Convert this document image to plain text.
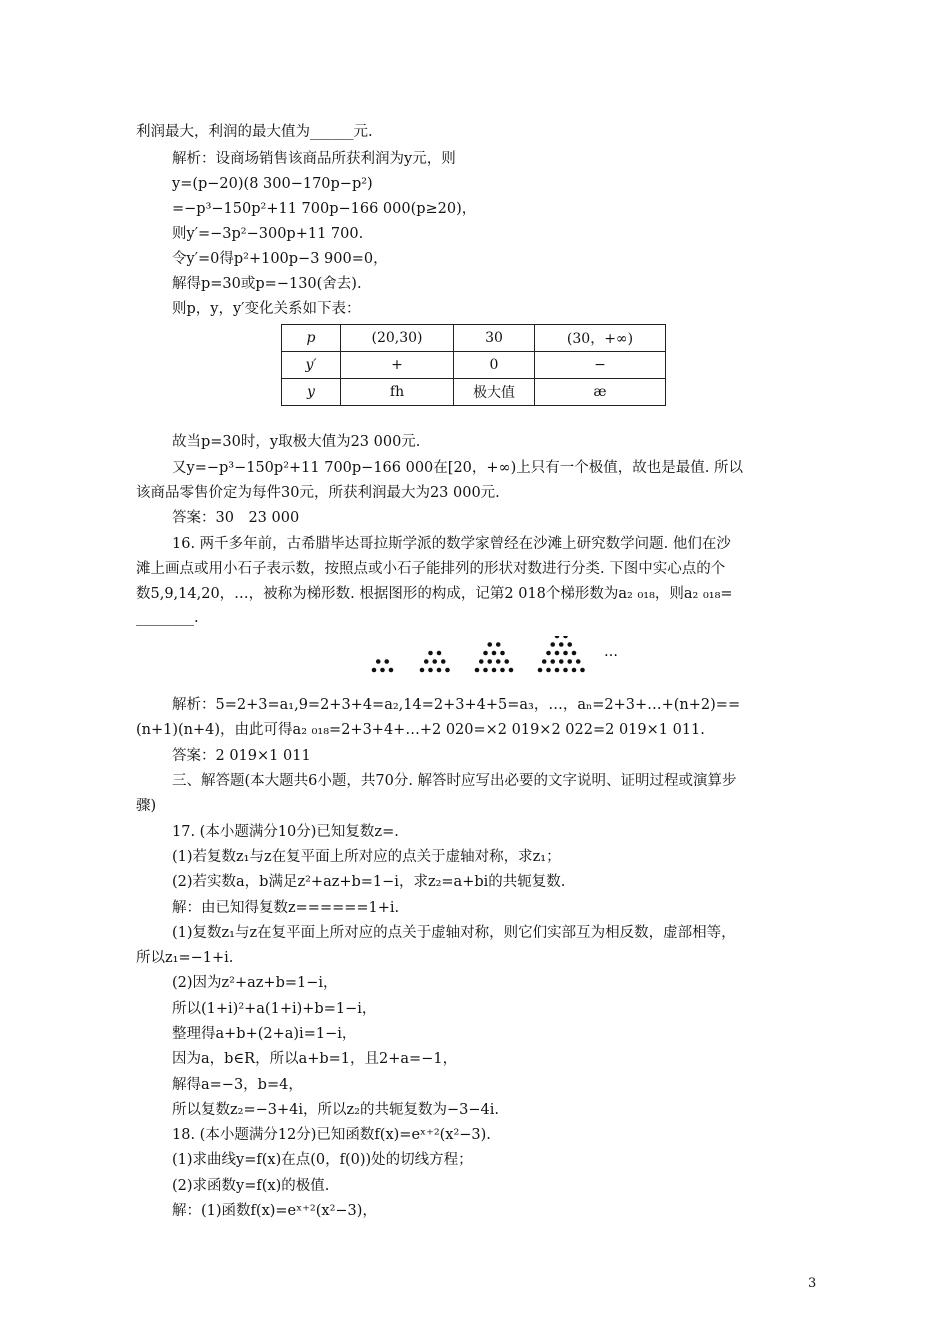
利润最大，利润的最大值为______元.
解析：设商场销售该商品所获利润为y元，则
y=(p−20)(8 300−170p−p²)
=−p³−150p²+11 700p−166 000(p≥20)，
则y′=−3p²−300p+11 700.
令y′=0得p²+100p−3 900=0，
解得p=30或p=−130(舍去).
则p，y，y′变化关系如下表：
p	(20,30)	30	(30，+∞)
y′	+	0	−
y	fh	极大值	æ
故当p=30时，y取极大值为23 000元.
又y=−p³−150p²+11 700p−166 000在[20，+∞)上只有一个极值，故也是最值. 所以
该商品零售价定为每件30元，所获利润最大为23 000元.
答案：30　23 000
16. 两千多年前，古希腊毕达哥拉斯学派的数学家曾经在沙滩上研究数学问题. 他们在沙
滩上画点或用小石子表示数，按照点或小石子能排列的形状对数进行分类. 下图中实心点的个
数5,9,14,20，…，被称为梯形数. 根据图形的构成，记第2 018个梯形数为a₂ ₀₁₈，则a₂ ₀₁₈=
________.
…
解析：5=2+3=a₁,9=2+3+4=a₂,14=2+3+4+5=a₃，…，aₙ=2+3+…+(n+2)==
(n+1)(n+4)，由此可得a₂ ₀₁₈=2+3+4+…+2 020=×2 019×2 022=2 019×1 011.
答案：2 019×1 011
三、解答题(本大题共6小题，共70分. 解答时应写出必要的文字说明、证明过程或演算步
骤)
17. (本小题满分10分)已知复数z=.
(1)若复数z₁与z在复平面上所对应的点关于虚轴对称，求z₁；
(2)若实数a，b满足z²+az+b=1−i，求z₂=a+bi的共轭复数.
解：由已知得复数z======1+i.
(1)复数z₁与z在复平面上所对应的点关于虚轴对称，则它们实部互为相反数，虚部相等，
所以z₁=−1+i.
(2)因为z²+az+b=1−i，
所以(1+i)²+a(1+i)+b=1−i，
整理得a+b+(2+a)i=1−i，
因为a，b∈R，所以a+b=1，且2+a=−1，
解得a=−3，b=4，
所以复数z₂=−3+4i，所以z₂的共轭复数为−3−4i.
18. (本小题满分12分)已知函数f(x)=eˣ⁺²(x²−3).
(1)求曲线y=f(x)在点(0，f(0))处的切线方程；
(2)求函数y=f(x)的极值.
解：(1)函数f(x)=eˣ⁺²(x²−3)，
3
